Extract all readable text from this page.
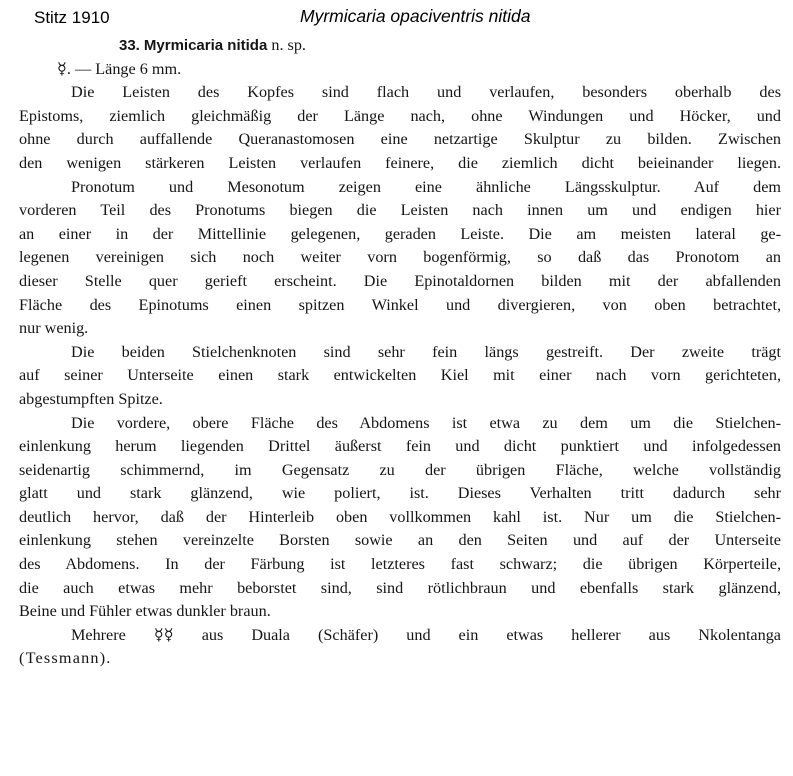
Stitz 1910	Myrmicaria opaciventris nitida
33. Myrmicaria nitida n. sp.
☿. — Länge 6 mm.
Die Leisten des Kopfes sind flach und verlaufen, besonders oberhalb des
Epistoms, ziemlich gleichmäßig der Länge nach, ohne Windungen und Höcker, und
ohne durch auffallende Queranastomosen eine netzartige Skulptur zu bilden. Zwischen
den wenigen stärkeren Leisten verlaufen feinere, die ziemlich dicht beieinander liegen.
Pronotum und Mesonotum zeigen eine ähnliche Längsskulptur. Auf dem
vorderen Teil des Pronotums biegen die Leisten nach innen um und endigen hier
an einer in der Mittellinie gelegenen, geraden Leiste. Die am meisten lateral ge-
legenen vereinigen sich noch weiter vorn bogenförmig, so daß das Pronotom an
dieser Stelle quer gerieft erscheint. Die Epinotaldornen bilden mit der abfallenden
Fläche des Epinotums einen spitzen Winkel und divergieren, von oben betrachtet,
nur wenig.
Die beiden Stielchenknoten sind sehr fein längs gestreift. Der zweite trägt
auf seiner Unterseite einen stark entwickelten Kiel mit einer nach vorn gerichteten,
abgestumpften Spitze.
Die vordere, obere Fläche des Abdomens ist etwa zu dem um die Stielchen-
einlenkung herum liegenden Drittel äußerst fein und dicht punktiert und infolgedessen
seidenartig schimmernd, im Gegensatz zu der übrigen Fläche, welche vollständig
glatt und stark glänzend, wie poliert, ist. Dieses Verhalten tritt dadurch sehr
deutlich hervor, daß der Hinterleib oben vollkommen kahl ist. Nur um die Stielchen-
einlenkung stehen vereinzelte Borsten sowie an den Seiten und auf der Unterseite
des Abdomens. In der Färbung ist letzteres fast schwarz; die übrigen Körperteile,
die auch etwas mehr beborstet sind, sind rötlichbraun und ebenfalls stark glänzend,
Beine und Fühler etwas dunkler braun.
Mehrere ☿☿ aus Duala (Schäfer) und ein etwas hellerer aus Nkolentanga
(Tessmann).
